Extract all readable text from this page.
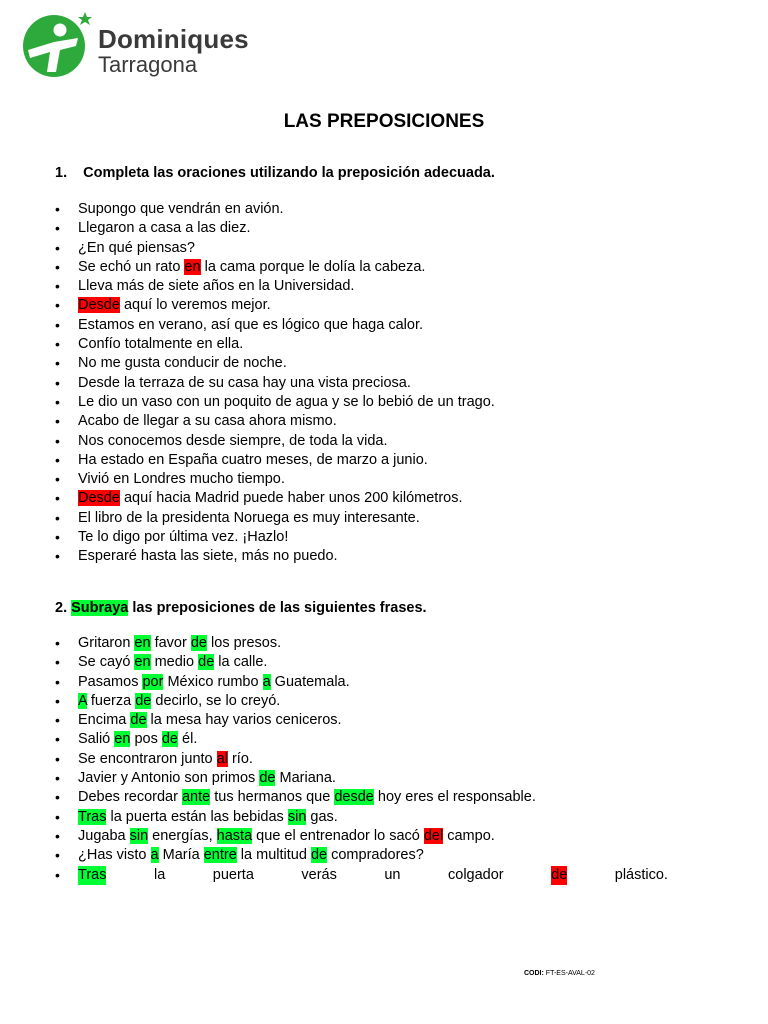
Dominiques
Tarragona
LAS PREPOSICIONES
1. Completa las oraciones utilizando la preposición adecuada.
• Supongo que vendrán en avión.
• Llegaron a casa a las diez.
• ¿En qué piensas?
• Se echó un rato en la cama porque le dolía la cabeza.
• Lleva más de siete años en la Universidad.
• Desde aquí lo veremos mejor.
• Estamos en verano, así que es lógico que haga calor.
• Confío totalmente en ella.
• No me gusta conducir de noche.
• Desde la terraza de su casa hay una vista preciosa.
• Le dio un vaso con un poquito de agua y se lo bebió de un trago.
• Acabo de llegar a su casa ahora mismo.
• Nos conocemos desde siempre, de toda la vida.
• Ha estado en España cuatro meses, de marzo a junio.
• Vivió en Londres mucho tiempo.
• Desde aquí hacia Madrid puede haber unos 200 kilómetros.
• El libro de la presidenta Noruega es muy interesante.
• Te lo digo por última vez. ¡Hazlo!
• Esperaré hasta las siete, más no puedo.
2. Subraya las preposiciones de las siguientes frases.
• Gritaron en favor de los presos.
• Se cayó en medio de la calle.
• Pasamos por México rumbo a Guatemala.
• A fuerza de decirlo, se lo creyó.
• Encima de la mesa hay varios ceniceros.
• Salió en pos de él.
• Se encontraron junto al río.
• Javier y Antonio son primos de Mariana.
• Debes recordar ante tus hermanos que desde hoy eres el responsable.
• Tras la puerta están las bebidas sin gas.
• Jugaba sin energías, hasta que el entrenador lo sacó del campo.
• ¿Has visto a María entre la multitud de compradores?
• Tras	la	puerta	verás	un	colgador	de	plástico.
CODI: FT-ES-AVAL-02
